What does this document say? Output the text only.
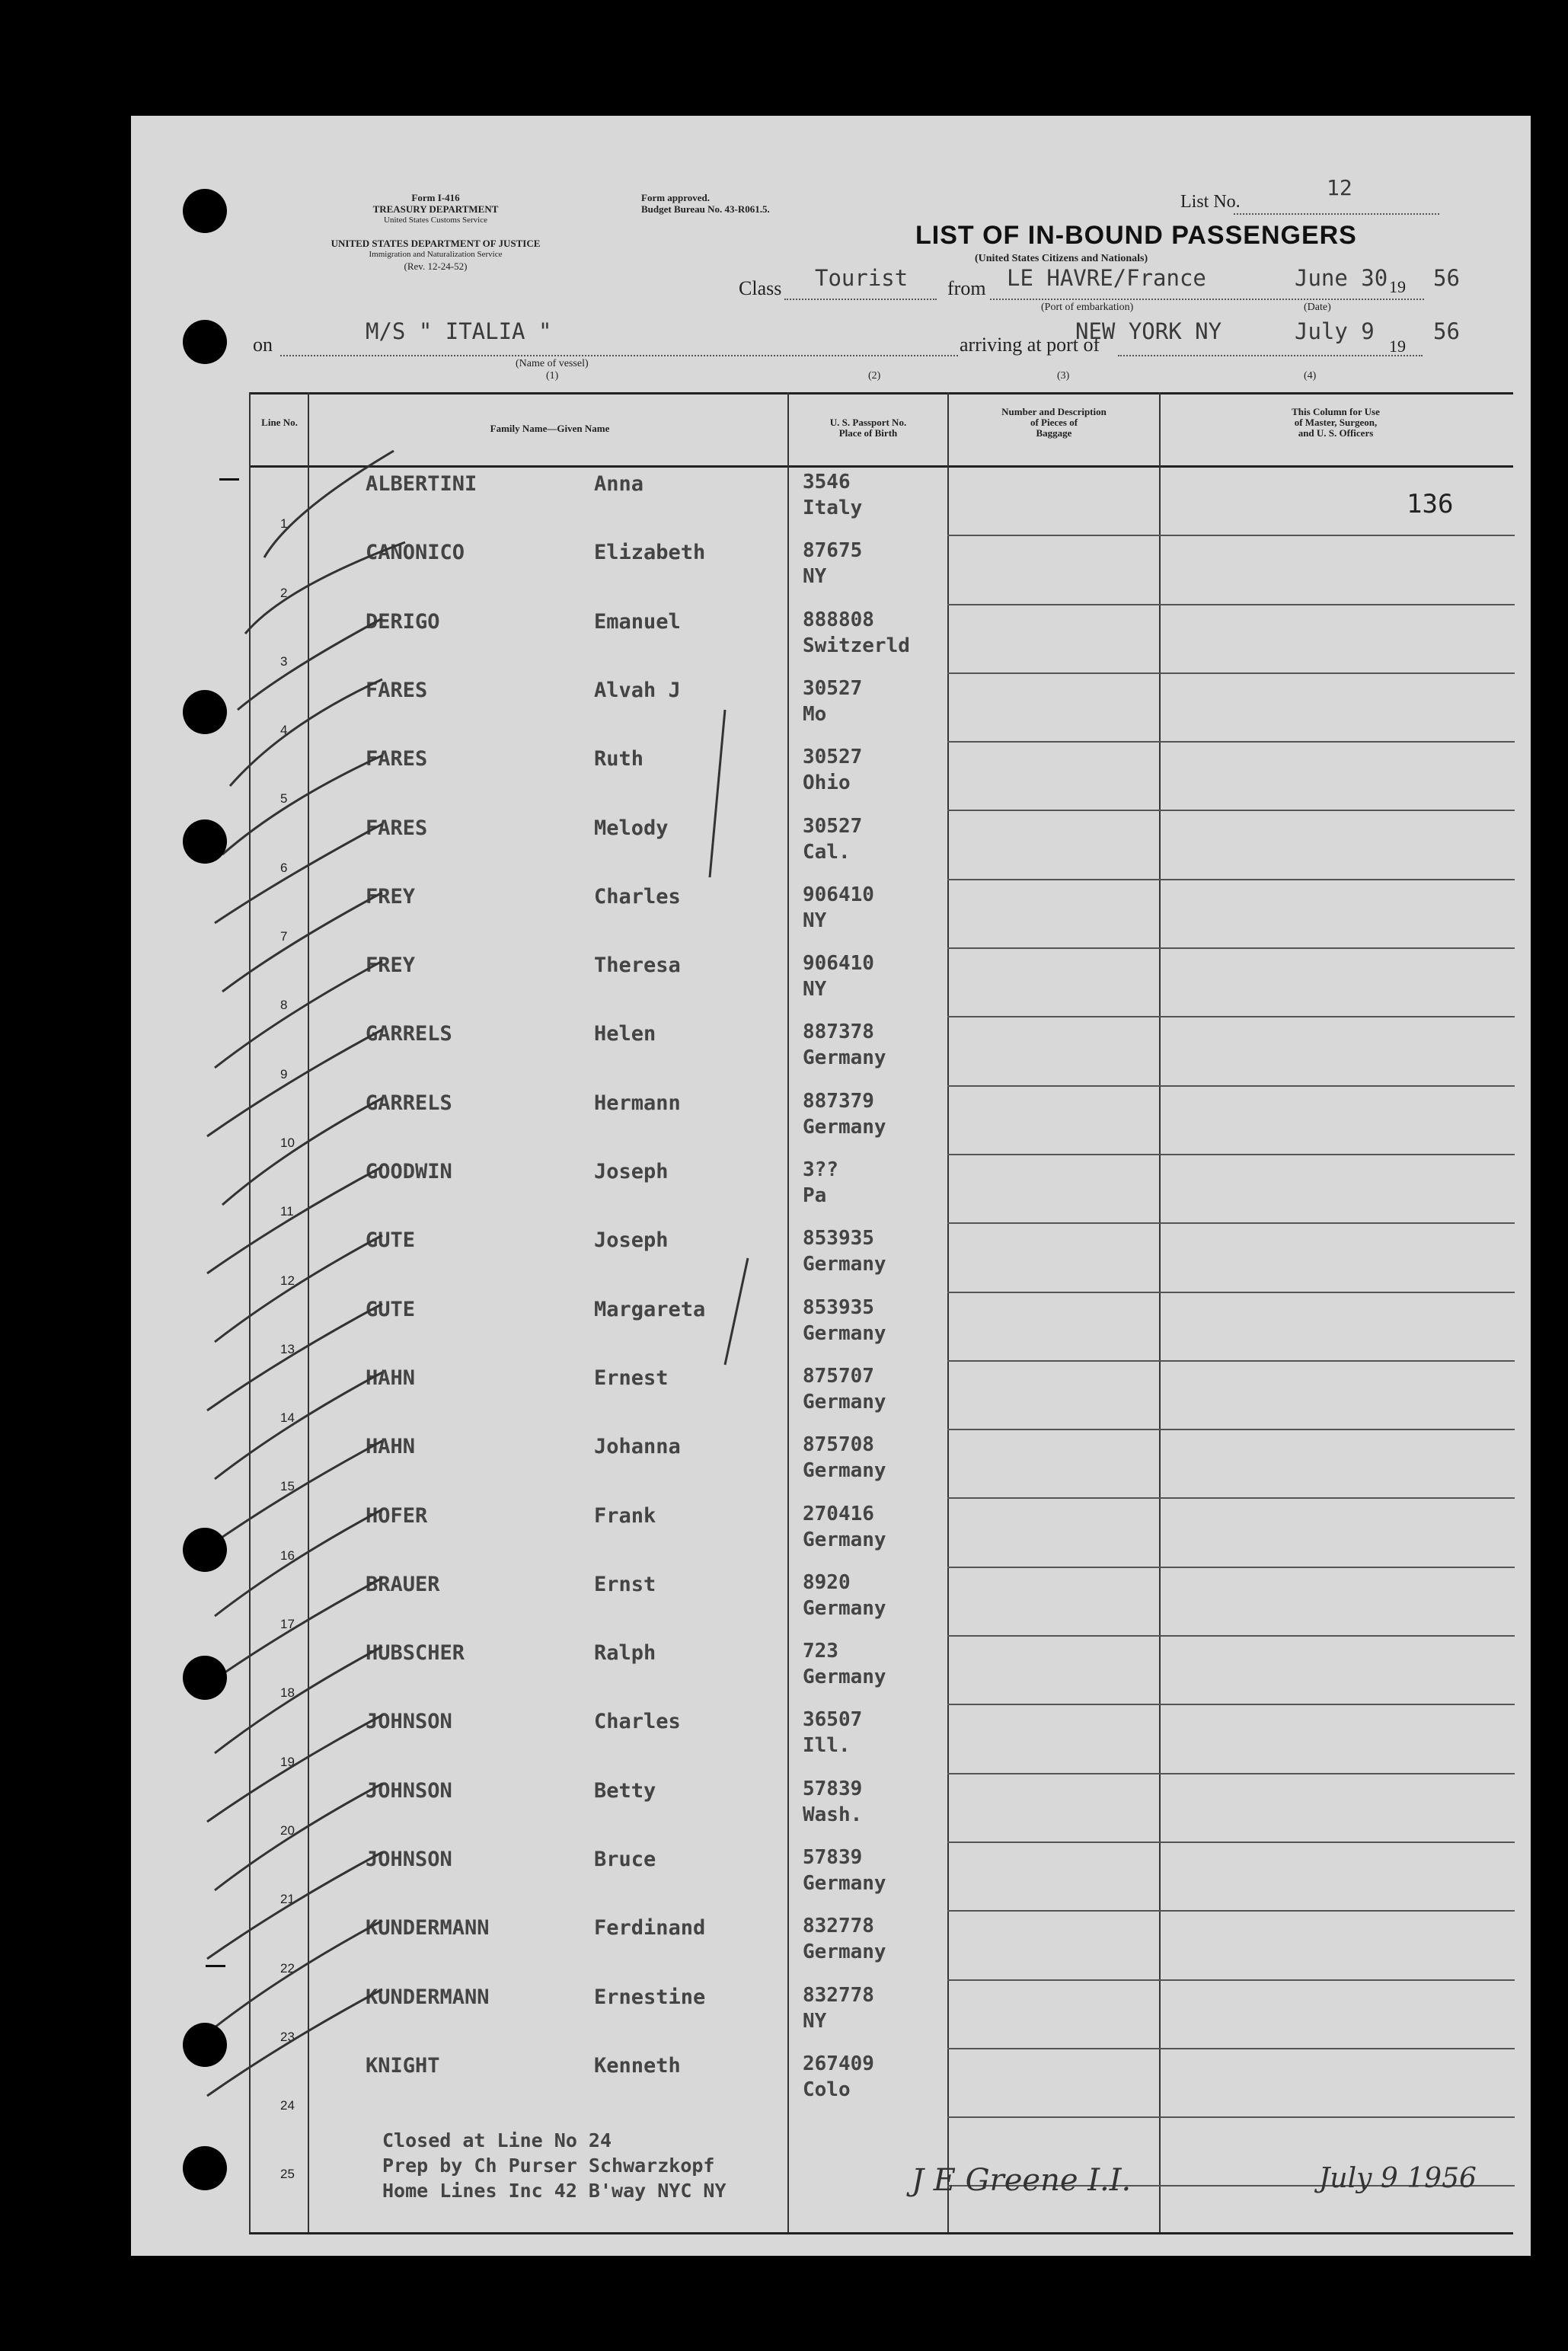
Form I-416
TREASURY DEPARTMENT
United States Customs Service
UNITED STATES DEPARTMENT OF JUSTICE
Immigration and Naturalization Service
(Rev. 12-24-52)
Form approved.
Budget Bureau No. 43-R061.5.	List No.
12
LIST OF IN-BOUND PASSENGERS
(United States Citizens and Nationals)
Class Tourist from LE HAVRE/France	June 30 19 56
(Port of embarkation)	(Date)
on
M/S " ITALIA "
arriving at port of
NEW YORK NY	July 9
19
56
(Name of vessel)
(1)	(2)	(3)	(4)
Line No.
Family Name—Given Name
U. S. Passport No.
Place of Birth
Number and Description
of Pieces of
Baggage
This Column for Use
of Master, Surgeon,
and U. S. Officers
136
1
ALBERTINI	Anna	3546
Italy
2
CANONICO	Elizabeth	87675
NY
3
DERIGO	Emanuel	888808
Switzerld
4
FARES	Alvah J	30527
Mo
5
FARES	Ruth	30527
Ohio
6
FARES	Melody	30527
Cal.
7
FREY	Charles	906410
NY
8
FREY	Theresa	906410
NY
9
GARRELS	Helen	887378
Germany
10
GARRELS	Hermann	887379
Germany
11
GOODWIN	Joseph	3??
Pa
12
GUTE	Joseph	853935
Germany
13
GUTE	Margareta	853935
Germany
14
HAHN	Ernest	875707
Germany
15
HAHN	Johanna	875708
Germany
16
HOFER	Frank	270416
Germany
17
BRAUER	Ernst	8920
Germany
18
HUBSCHER	Ralph	723
Germany
19
JOHNSON	Charles	36507
Ill.
20
JOHNSON	Betty	57839
Wash.
21
JOHNSON	Bruce	57839
Germany
22
KUNDERMANN	Ferdinand	832778
Germany
23
KUNDERMANN	Ernestine	832778
NY
24
KNIGHT	Kenneth	267409
Colo
25
Closed at Line No 24
Prep by Ch Purser Schwarzkopf
Home Lines Inc 42 B'way NYC NY	J E Greene I.I.	July 9 1956
